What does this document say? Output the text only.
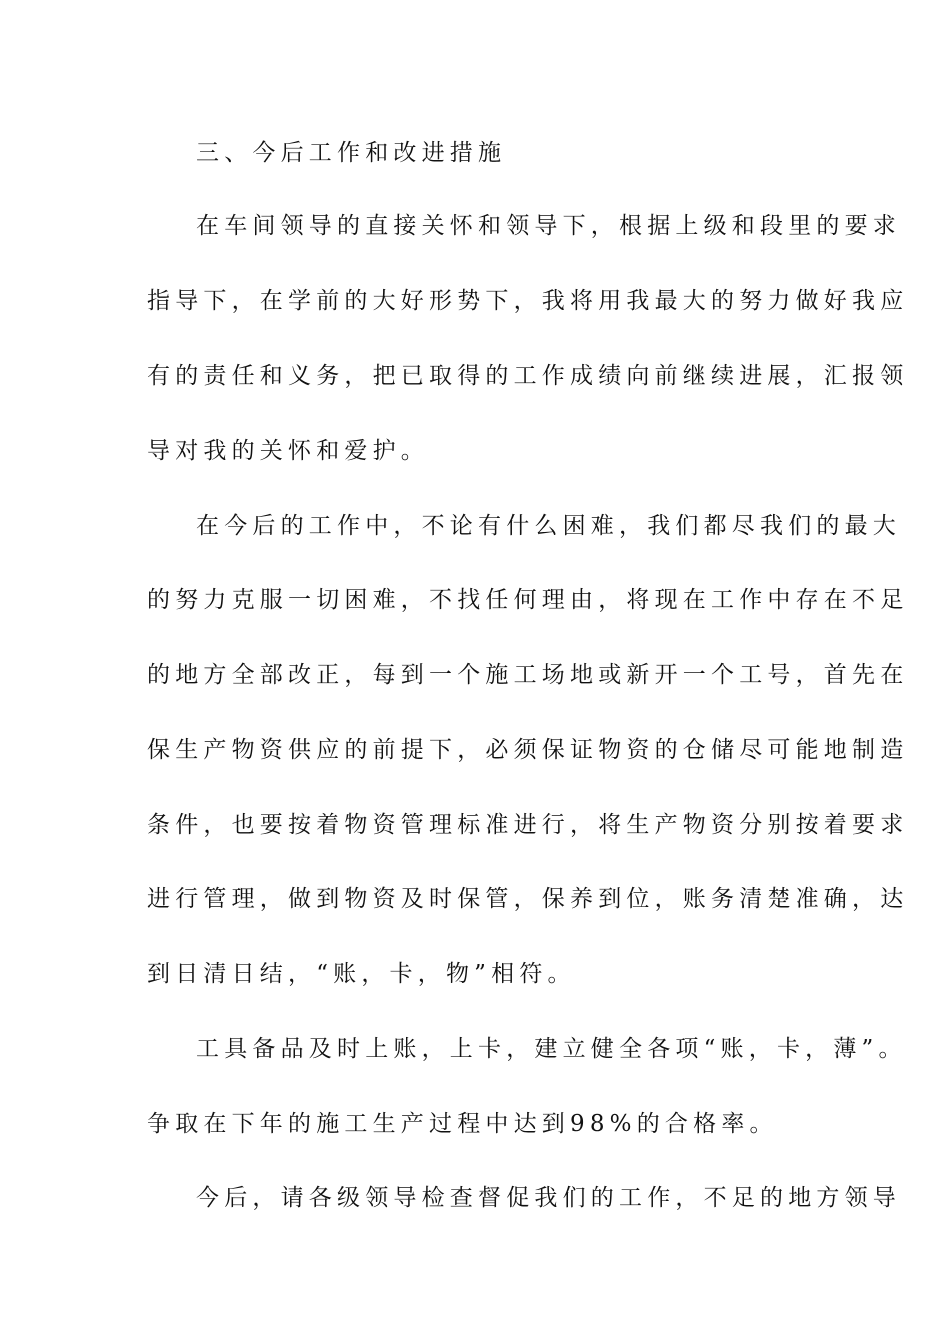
三、今后工作和改进措施
在车间领导的直接关怀和领导下，根据上级和段里的要求
指导下，在学前的大好形势下，我将用我最大的努力做好我应
有的责任和义务，把已取得的工作成绩向前继续进展，汇报领
导对我的关怀和爱护。
在今后的工作中，不论有什么困难，我们都尽我们的最大
的努力克服一切困难，不找任何理由，将现在工作中存在不足
的地方全部改正，每到一个施工场地或新开一个工号，首先在
保生产物资供应的前提下，必须保证物资的仓储尽可能地制造
条件，也要按着物资管理标准进行，将生产物资分别按着要求
进行管理，做到物资及时保管，保养到位，账务清楚准确，达
到日清日结，“账，卡，物”相符。
工具备品及时上账，上卡，建立健全各项“账，卡，薄”。
争取在下年的施工生产过程中达到98%的合格率。
今后，请各级领导检查督促我们的工作，不足的地方领导
